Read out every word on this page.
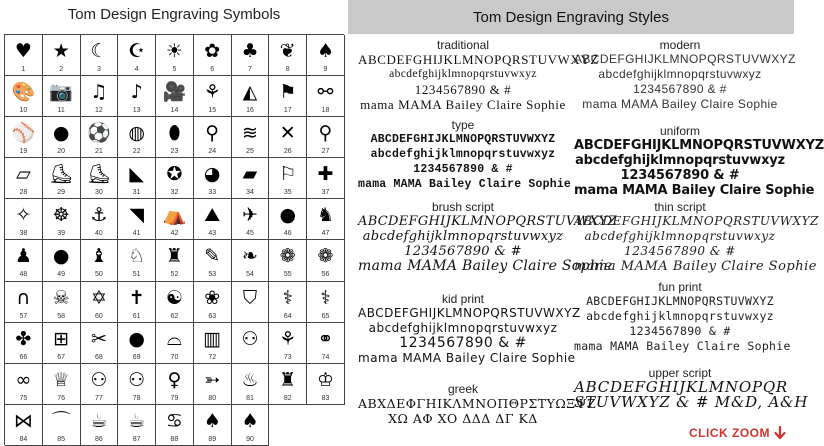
Tom Design Engraving Symbols
♥
1
★
2
☾
3
☪
4
☀
5
✿
6
♣
7
❦
8
♠
9
🎨
10
📷
11
♫
12
♪
13
🎥
14
⚘
15
◭
16
⚑
17
⚯
18
⚾
19
●
20
⚽
21
◍
22
⬮
23
⚲
24
≋
25
✕
26
⚲
27
▱
28
⛸
29
⛸
30
◣
31
✪
32
◕
33
▰
34
⚐
35
✚
37
✧
38
☸
39
⚓
40
◥
41
⛺
42
⛰
43
✈
45
●
46
♞
47
♟
48
●
49
♝
50
♘
51
♜
52
✎
53
❧
54
❁
55
❁
56
∩
57
☠
58
✡
60
✝
61
☯
62
❀
63
⛉ ⚕
64
⚕
65
✤
66
⊞
67
✂
68
●
69
⌓
70
▥
72
⚇ ⚘
73
⚭
74
∞
75
♕
76
⚇
77
⚇
78
♀
79
➳
80
♨
81
♜
82
♔
83
⋈
84
⌒
85
☕
86
☕
87
♋
88
♠
89
♠
90
Tom Design Engraving Styles
traditional
ABCDEFGHIJKLMNOPQRSTUVWXYZ
abcdefghijklmnopqrstuvwxyz
1234567890 & #
mama MAMA Bailey Claire Sophie
modern
ABCDEFGHIJKLMNOPQRSTUVWXYZ
abcdefghijklmnopqrstuvwxyz
1234567890 & #
mama MAMA Bailey Claire Sophie
type
ABCDEFGHIJKLMNOPQRSTUVWXYZ
abcdefghijklmnopqrstuvwxyz
1234567890 & #
mama MAMA Bailey Claire Sophie
uniform
ABCDEFGHIJKLMNOPQRSTUVWXYZ
abcdefghijklmnopqrstuvwxyz
1234567890 & #
mama MAMA Bailey Claire Sophie
brush script
ABCDEFGHIJKLMNOPQRSTUVWXYZ
abcdefghijklmnopqrstuvwxyz
1234567890 & #
mama MAMA Bailey Claire Sophie
thin script
ABCDEFGHIJKLMNOPQRSTUVWXYZ
abcdefghijklmnopqrstuvwxyz
1234567890 & #
mama MAMA Bailey Claire Sophie
kid print
ABCDEFGHIJKLMNOPQRSTUVWXYZ
abcdefghijklmnopqrstuvwxyz
1234567890 & #
mama MAMA Bailey Claire Sophie
fun print
ABCDEFGHIJKLMNOPQRSTUVWXYZ
abcdefghijklmnopqrstuvwxyz
1234567890 & #
mama MAMA Bailey Claire Sophie
greek
ΑΒΧΔΕΦΓΗΙΚΛΜΝΟΠΘΡΣΤΥΩΞΨΖ
ΧΩ ΑΦ ΧΟ ΔΔΔ ΔΓ ΚΔ
upper script
ABCDEFGHIJKLMNOPQR
STUVWXYZ & # M&D, A&H
CLICK ZOOM
